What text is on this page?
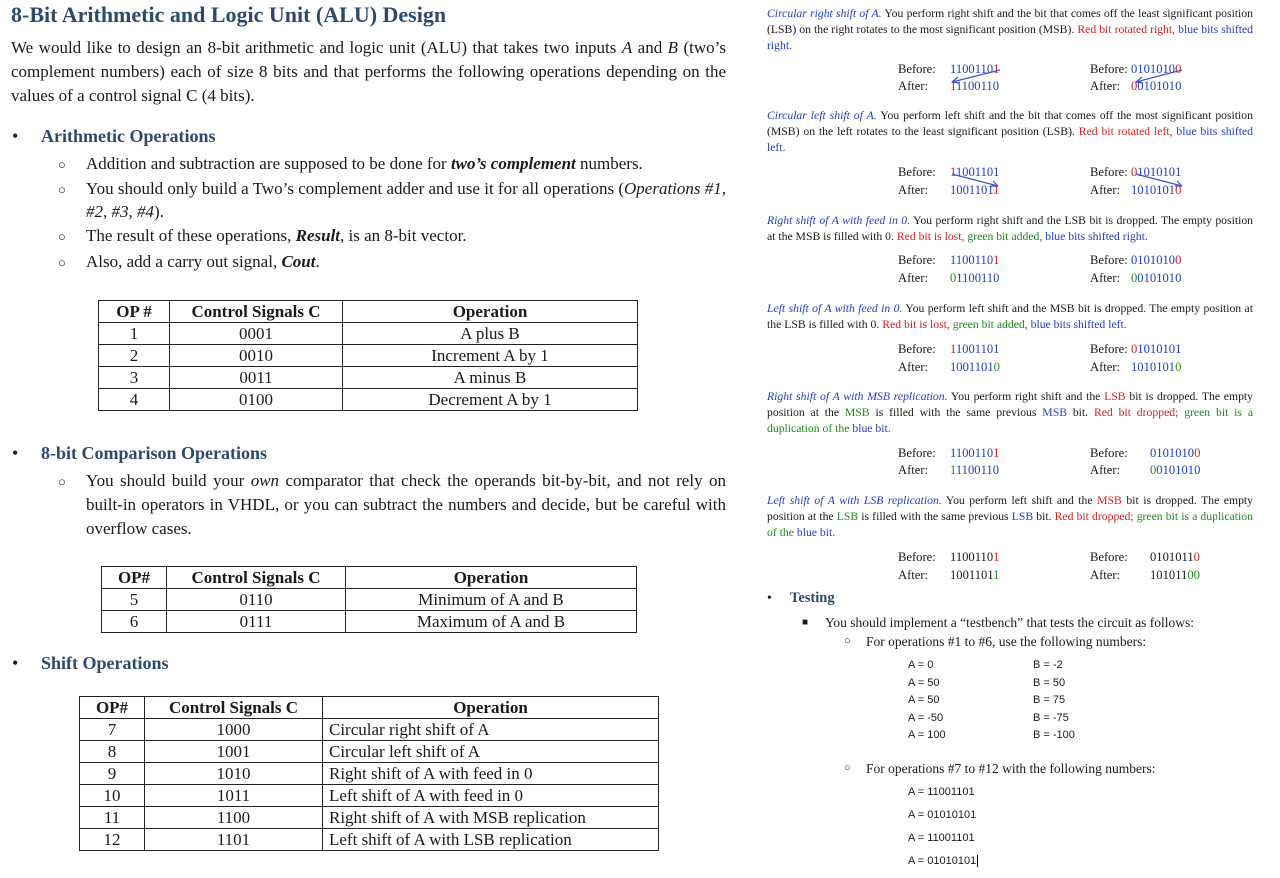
8-Bit Arithmetic and Logic Unit (ALU) Design
We would like to design an 8-bit arithmetic and logic unit (ALU) that takes two inputs A and B (two’s complement numbers) each of size 8 bits and that performs the following operations depending on the values of a control signal C (4 bits).
• Arithmetic Operations
○ Addition and subtraction are supposed to be done for two’s complement numbers.
○ You should only build a Two’s complement adder and use it for all operations (Operations #1, #2, #3, #4).
○ The result of these operations, Result, is an 8-bit vector.
○ Also, add a carry out signal, Cout.
OP #	Control Signals C	Operation
1	0001	A plus B
2	0010	Increment A by 1
3	0011	A minus B
4	0100	Decrement A by 1
• 8-bit Comparison Operations
○ You should build your own comparator that check the operands bit-by-bit, and not rely on built-in operators in VHDL, or you can subtract the numbers and decide, but be careful with overflow cases.
OP#	Control Signals C	Operation
5	0110	Minimum of A and B
6	0111	Maximum of A and B
• Shift Operations
OP#	Control Signals C	Operation
7	1000	Circular right shift of A
8	1001	Circular left shift of A
9	1010	Right shift of A with feed in 0
10	1011	Left shift of A with feed in 0
11	1100	Right shift of A with MSB replication
12	1101	Left shift of A with LSB replication
Circular right shift of A. You perform right shift and the bit that comes off the least significant position (LSB) on the right rotates to the most significant position (MSB). Red bit rotated right, blue bits shifted right.
Before: 11001101
After: 11100110
Before: 01010100
After: 00101010
Circular left shift of A. You perform left shift and the bit that comes off the most significant position (MSB) on the left rotates to the least significant position (LSB). Red bit rotated left, blue bits shifted left.
Before: 11001101
After: 10011011
Before: 01010101
After: 10101010
Right shift of A with feed in 0. You perform right shift and the LSB bit is dropped. The empty position at the MSB is filled with 0. Red bit is lost, green bit added, blue bits shifted right.
Before: 11001101
After: 01100110
Before: 01010100
After: 00101010
Left shift of A with feed in 0. You perform left shift and the MSB bit is dropped. The empty position at the LSB is filled with 0. Red bit is lost, green bit added, blue bits shifted left.
Before: 11001101
After: 10011010
Before: 01010101
After: 10101010
Right shift of A with MSB replication. You perform right shift and the LSB bit is dropped. The empty position at the MSB is filled with the same previous MSB bit. Red bit dropped; green bit is a duplication of the blue bit.
Before: 11001101
After: 11100110
Before: 01010100
After: 00101010
Left shift of A with LSB replication. You perform left shift and the MSB bit is dropped. The empty position at the LSB is filled with the same previous LSB bit. Red bit dropped; green bit is a duplication of the blue bit.
Before: 11001101
After: 10011011
Before: 01010110
After: 10101100
• Testing
■ You should implement a “testbench” that tests the circuit as follows:
○ For operations #1 to #6, use the following numbers:
A = 0	B = -2
A = 50	B = 50
A = 50	B = 75
A = -50	B = -75
A = 100	B = -100
○ For operations #7 to #12 with the following numbers:
A = 11001101
A = 01010101
A = 11001101
A = 01010101
